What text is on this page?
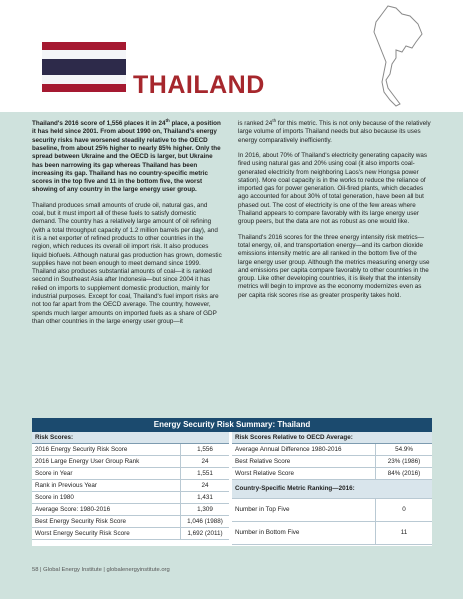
THAILAND

Thailand's 2016 score of 1,556 places it in 24th place, a position it has held since 2001. From about 1990 on, Thailand's energy security risks have worsened steadily relative to the OECD baseline, from about 25% higher to nearly 85% higher. Only the spread between Ukraine and the OECD is larger, but Ukraine has been narrowing its gap whereas Thailand has been increasing its gap. Thailand has no country-specific metric scores in the top five and 11 in the bottom five, the worst showing of any country in the large energy user group.

Thailand produces small amounts of crude oil, natural gas, and coal, but it must import all of these fuels to satisfy domestic demand. The country has a relatively large amount of oil refining (with a total throughput capacity of 1.2 million barrels per day), and it is a net exporter of refined products to other countries in the region, which reduces its overall oil import risk. It also produces liquid biofuels. Although natural gas production has grown, domestic supplies have not been enough to meet demand since 1999. Thailand also produces substantial amounts of coal—it is ranked second in Southeast Asia after Indonesia—but since 2004 it has relied on imports to supplement domestic production, mainly for industrial purposes. Except for coal, Thailand's fuel import risks are not too far apart from the OECD average. The country, however, spends much larger amounts on imported fuels as a share of GDP than other countries in the large energy user group—it

is ranked 24th for this metric. This is not only because of the relatively large volume of imports Thailand needs but also because its uses energy comparatively inefficiently.

In 2016, about 70% of Thailand's electricity generating capacity was fired using natural gas and 20% using coal (it also imports coal-generated electricity from neighboring Laos's new Hongsa power station). More coal capacity is in the works to reduce the reliance of imported gas for power generation. Oil-fired plants, which decades ago accounted for about 30% of total generation, have been all but phased out. The cost of electricity is one of the few areas where Thailand appears to compare favorably with its large energy user group peers, but the data are not as robust as one would like.

Thailand's 2016 scores for the three energy intensity risk metrics—total energy, oil, and transportation energy—and its carbon dioxide emissions intensity metric are all ranked in the bottom five of the large energy user group. Although the metrics measuring energy use and emissions per capita compare favorably to other countries in the group. Like other developing countries, it is likely that the intensity metrics will begin to improve as the economy modernizes even as per capita risk scores rise as greater prosperity takes hold.

Energy Security Risk Summary: Thailand
Risk Scores:
2016 Energy Security Risk Score	1,556
2016 Large Energy User Group Rank	24
Score in Year	1,551
Rank in Previous Year	24
Score in 1980	1,431
Average Score: 1980-2016	1,309
Best Energy Security Risk Score	1,046 (1988)
Worst Energy Security Risk Score	1,692 (2011)
Risk Scores Relative to OECD Average:
Average Annual Difference 1980-2016	54.9%
Best Relative Score	23% (1986)
Worst Relative Score	84% (2016)
Country-Specific Metric Ranking—2016:
Number in Top Five	0
Number in Bottom Five	11
58 | Global Energy Institute | globalenergyinstitute.org
